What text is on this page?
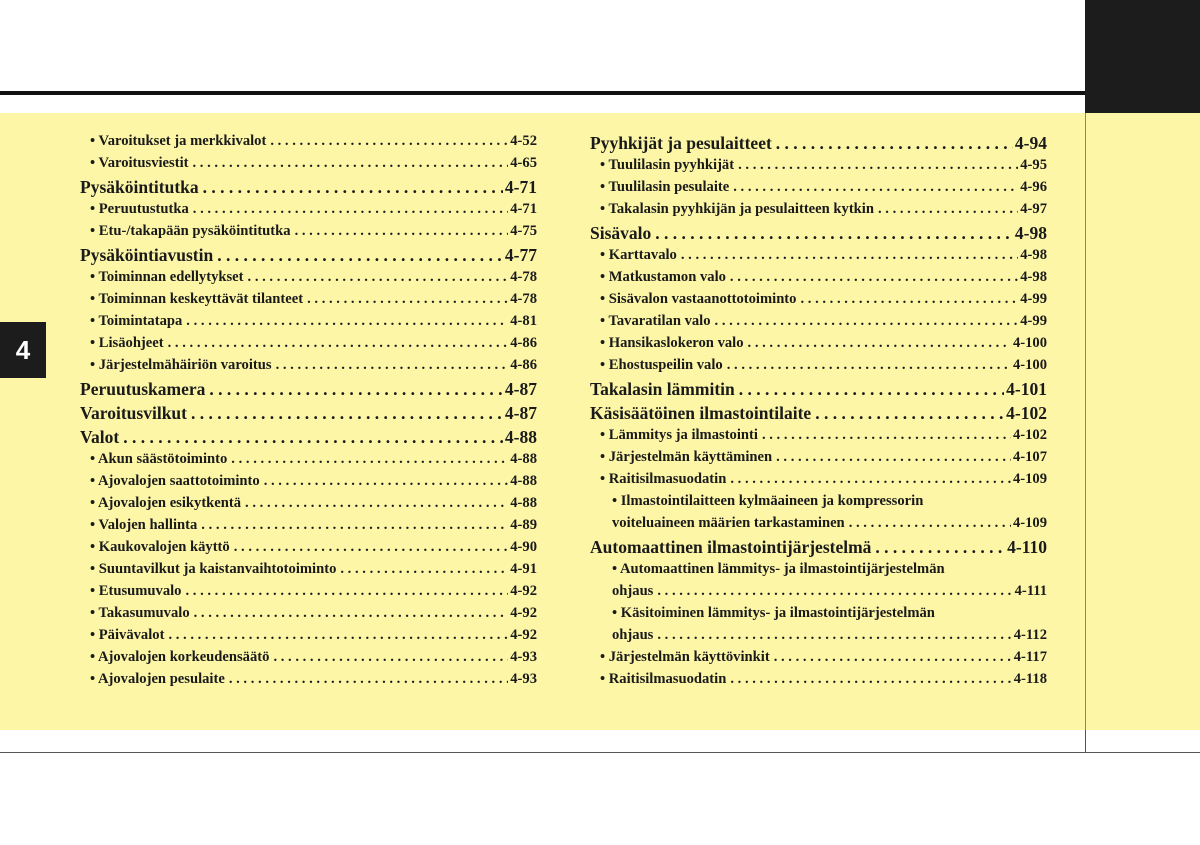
4
• Varoitukset ja merkkivalot . . .	4-52
• Varoitusviestit . . .	4-65
Pysäköintitutka . . .	4-71
• Peruutustutka . . .	4-71
• Etu-/takapään pysäköintitutka . . .	4-75
Pysäköintiavustin . . .	4-77
• Toiminnan edellytykset . . .	4-78
• Toiminnan keskeyttävät tilanteet . . .	4-78
• Toimintatapa . . .	4-81
• Lisäohjeet . . .	4-86
• Järjestelmähäiriön varoitus . . .	4-86
Peruutuskamera . . .	4-87
Varoitusvilkut . . .	4-87
Valot . . .	4-88
• Akun säästötoiminto . . .	4-88
• Ajovalojen saattotoiminto . . .	4-88
• Ajovalojen esikytkentä . . .	4-88
• Valojen hallinta . . .	4-89
• Kaukovalojen käyttö . . .	4-90
• Suuntavilkut ja kaistanvaihtotoiminto . . .	4-91
• Etusumuvalo . . .	4-92
• Takasumuvalo . . .	4-92
• Päivävalot . . .	4-92
• Ajovalojen korkeudensäätö . . .	4-93
• Ajovalojen pesulaite . . .	4-93
Pyyhkijät ja pesulaitteet . . .	4-94
• Tuulilasin pyyhkijät . . .	4-95
• Tuulilasin pesulaite . . .	4-96
• Takalasin pyyhkijän ja pesulaitteen kytkin . . .	4-97
Sisävalo . . .	4-98
• Karttavalo . . .	4-98
• Matkustamon valo . . .	4-98
• Sisävalon vastaanottotoiminto . . .	4-99
• Tavaratilan valo . . .	4-99
• Hansikaslokeron valo . . .	4-100
• Ehostuspeilin valo . . .	4-100
Takalasin lämmitin . . .	4-101
Käsisäätöinen ilmastointilaite . . .	4-102
• Lämmitys ja ilmastointi . . .	4-102
• Järjestelmän käyttäminen . . .	4-107
• Raitisilmasuodatin . . .	4-109
• Ilmastointilaitteen kylmäaineen ja kompressorin
voiteluaineen määrien tarkastaminen . . .	4-109
Automaattinen ilmastointijärjestelmä . . .	4-110
• Automaattinen lämmitys- ja ilmastointijärjestelmän
ohjaus . . .	4-111
• Käsitoiminen lämmitys- ja ilmastointijärjestelmän
ohjaus . . .	4-112
• Järjestelmän käyttövinkit . . .	4-117
• Raitisilmasuodatin . . .	4-118
